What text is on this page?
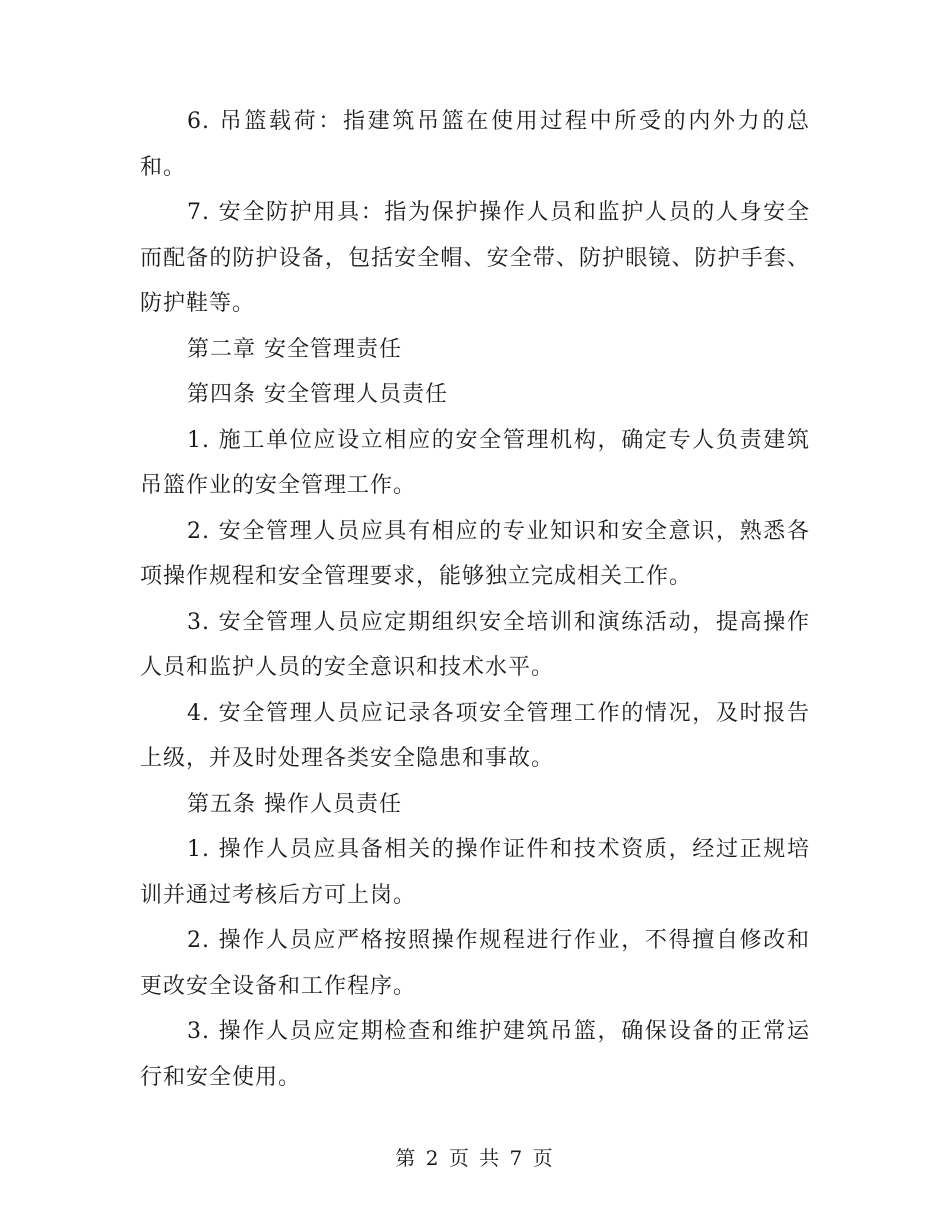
6. 吊篮载荷：指建筑吊篮在使用过程中所受的内外力的总和。

7. 安全防护用具：指为保护操作人员和监护人员的人身安全而配备的防护设备，包括安全帽、安全带、防护眼镜、防护手套、防护鞋等。

第二章 安全管理责任

第四条 安全管理人员责任

1. 施工单位应设立相应的安全管理机构，确定专人负责建筑吊篮作业的安全管理工作。

2. 安全管理人员应具有相应的专业知识和安全意识，熟悉各项操作规程和安全管理要求，能够独立完成相关工作。

3. 安全管理人员应定期组织安全培训和演练活动，提高操作人员和监护人员的安全意识和技术水平。

4. 安全管理人员应记录各项安全管理工作的情况，及时报告上级，并及时处理各类安全隐患和事故。

第五条 操作人员责任

1. 操作人员应具备相关的操作证件和技术资质，经过正规培训并通过考核后方可上岗。

2. 操作人员应严格按照操作规程进行作业，不得擅自修改和更改安全设备和工作程序。

3. 操作人员应定期检查和维护建筑吊篮，确保设备的正常运行和安全使用。

第 2 页 共 7 页
